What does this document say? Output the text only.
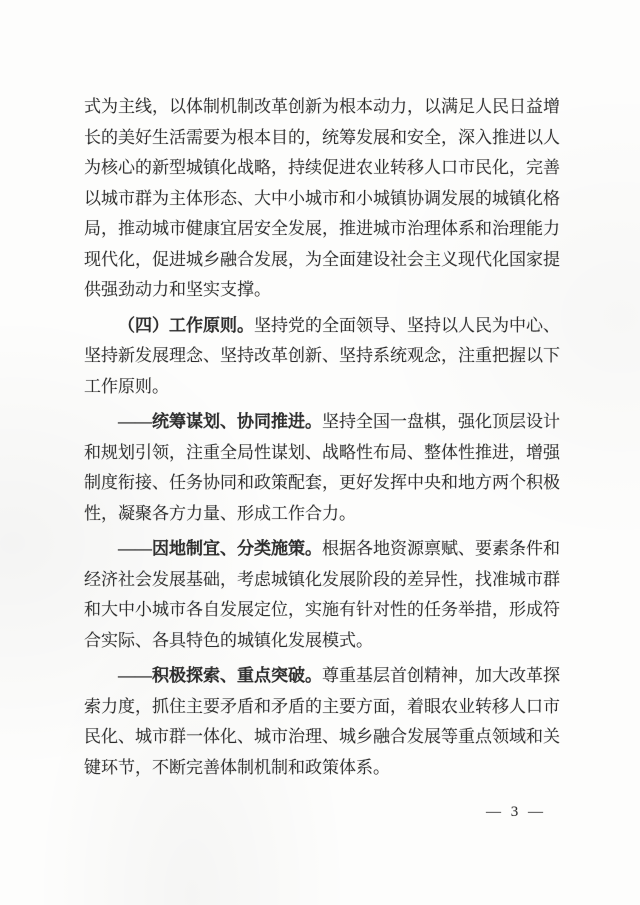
式为主线，以体制机制改革创新为根本动力，以满足人民日益增长的美好生活需要为根本目的，统筹发展和安全，深入推进以人为核心的新型城镇化战略，持续促进农业转移人口市民化，完善以城市群为主体形态、大中小城市和小城镇协调发展的城镇化格局，推动城市健康宜居安全发展，推进城市治理体系和治理能力现代化，促进城乡融合发展，为全面建设社会主义现代化国家提供强劲动力和坚实支撑。

（四）工作原则。坚持党的全面领导、坚持以人民为中心、坚持新发展理念、坚持改革创新、坚持系统观念，注重把握以下工作原则。

——统筹谋划、协同推进。坚持全国一盘棋，强化顶层设计和规划引领，注重全局性谋划、战略性布局、整体性推进，增强制度衔接、任务协同和政策配套，更好发挥中央和地方两个积极性，凝聚各方力量、形成工作合力。

——因地制宜、分类施策。根据各地资源禀赋、要素条件和经济社会发展基础，考虑城镇化发展阶段的差异性，找准城市群和大中小城市各自发展定位，实施有针对性的任务举措，形成符合实际、各具特色的城镇化发展模式。

——积极探索、重点突破。尊重基层首创精神，加大改革探索力度，抓住主要矛盾和矛盾的主要方面，着眼农业转移人口市民化、城市群一体化、城市治理、城乡融合发展等重点领域和关键环节，不断完善体制机制和政策体系。

— 3 —
